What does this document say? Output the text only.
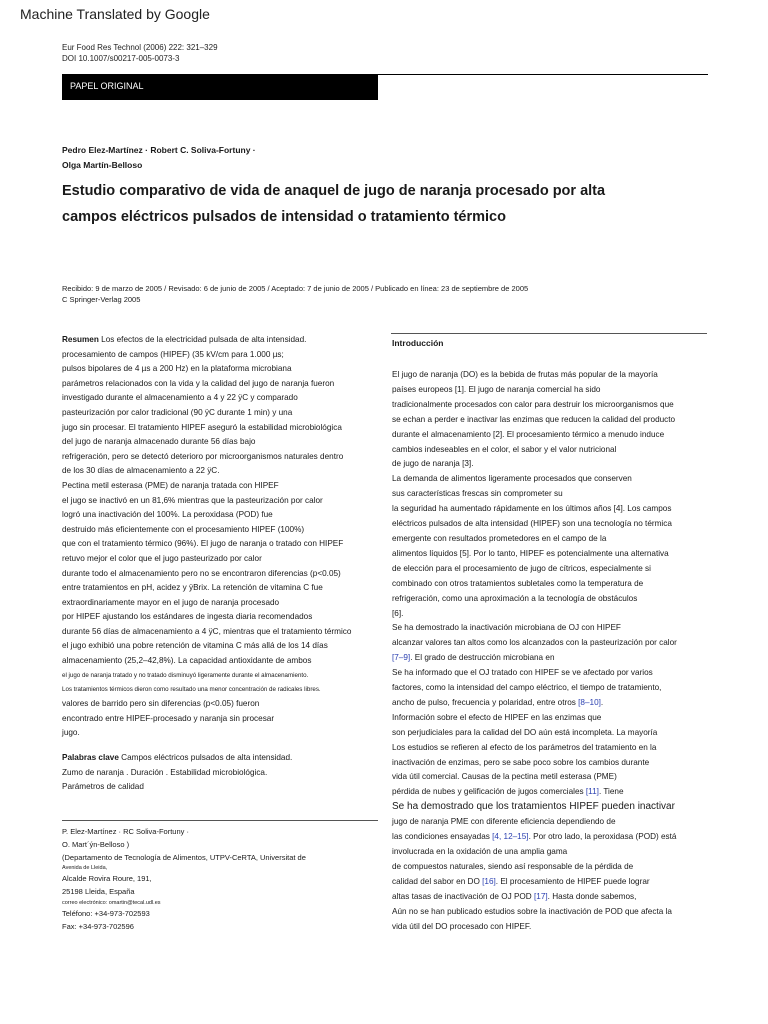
Machine Translated by Google
Eur Food Res Technol (2006) 222: 321–329
DOI 10.1007/s00217-005-0073-3
PAPEL ORIGINAL
Pedro Elez-Martínez · Robert C. Soliva-Fortuny ·
Olga Martín-Belloso
Estudio comparativo de vida de anaquel de jugo de naranja procesado por alta
campos eléctricos pulsados de intensidad o tratamiento térmico
Recibido: 9 de marzo de 2005 / Revisado: 6 de junio de 2005 / Aceptado: 7 de junio de 2005 / Publicado en línea: 23 de septiembre de 2005
C Springer-Verlag 2005
Resumen Los efectos de la electricidad pulsada de alta intensidad.
procesamiento de campos (HIPEF) (35 kV/cm para 1.000 µs;
pulsos bipolares de 4 µs a 200 Hz) en la plataforma microbiana
parámetros relacionados con la vida y la calidad del jugo de naranja fueron
investigado durante el almacenamiento a 4 y 22 ÿC y comparado
pasteurización por calor tradicional (90 ÿC durante 1 min) y una
jugo sin procesar. El tratamiento HIPEF aseguró la estabilidad microbiológica
del jugo de naranja almacenado durante 56 días bajo
refrigeración, pero se detectó deterioro por microorganismos naturales dentro
de los 30 días de almacenamiento a 22 ÿC.
Pectina metil esterasa (PME) de naranja tratada con HIPEF
el jugo se inactivó en un 81,6% mientras que la pasteurización por calor
logró una inactivación del 100%. La peroxidasa (POD) fue
destruido más eficientemente con el procesamiento HIPEF (100%)
que con el tratamiento térmico (96%). El jugo de naranja o tratado con HIPEF
retuvo mejor el color que el jugo pasteurizado por calor
durante todo el almacenamiento pero no se encontraron diferencias (p<0.05)
entre tratamientos en pH, acidez y ÿBrix. La retención de vitamina C fue
extraordinariamente mayor en el jugo de naranja procesado
por HIPEF ajustando los estándares de ingesta diaria recomendados
durante 56 días de almacenamiento a 4 ÿC, mientras que el tratamiento térmico
el jugo exhibió una pobre retención de vitamina C más allá de los 14 días
almacenamiento (25,2–42,8%). La capacidad antioxidante de ambos
el jugo de naranja tratado y no tratado disminuyó ligeramente durante el almacenamiento.
Los tratamientos térmicos dieron como resultado una menor concentración de radicales libres.
valores de barrido pero sin diferencias (p<0.05) fueron
encontrado entre HIPEF-procesado y naranja sin procesar
jugo.
Palabras clave Campos eléctricos pulsados de alta intensidad.
Zumo de naranja . Duración . Estabilidad microbiológica.
Parámetros de calidad
P. Elez-Martínez · RC Soliva-Fortuny ·
O. Mart´ýn-Belloso )
(Departamento de Tecnología de Alimentos, UTPV-CeRTA, Universitat de
Avenida de Lleida,
Alcalde Rovira Roure, 191,
25198 Lleida, España
correo electrónico: omartin@tecal.udl.es
Teléfono: +34-973-702593
Fax: +34-973-702596
Introducción
El jugo de naranja (DO) es la bebida de frutas más popular de la mayoría
países europeos [1]. El jugo de naranja comercial ha sido
tradicionalmente procesados con calor para destruir los microorganismos que
se echan a perder e inactivar las enzimas que reducen la calidad del producto
durante el almacenamiento [2]. El procesamiento térmico a menudo induce
cambios indeseables en el color, el sabor y el valor nutricional
de jugo de naranja [3].
La demanda de alimentos ligeramente procesados que conserven
sus características frescas sin comprometer su
la seguridad ha aumentado rápidamente en los últimos años [4]. Los campos
eléctricos pulsados de alta intensidad (HIPEF) son una tecnología no térmica
emergente con resultados prometedores en el campo de la
alimentos líquidos [5]. Por lo tanto, HIPEF es potencialmente una alternativa
de elección para el procesamiento de jugo de cítricos, especialmente si
combinado con otros tratamientos subletales como la temperatura de
refrigeración, como una aproximación a la tecnología de obstáculos
[6].
Se ha demostrado la inactivación microbiana de OJ con HIPEF
alcanzar valores tan altos como los alcanzados con la pasteurización por calor
[7–9]. El grado de destrucción microbiana en
Se ha informado que el OJ tratado con HIPEF se ve afectado por varios
factores, como la intensidad del campo eléctrico, el tiempo de tratamiento,
ancho de pulso, frecuencia y polaridad, entre otros [8–10].
Información sobre el efecto de HIPEF en las enzimas que
son perjudiciales para la calidad del DO aún está incompleta. La mayoría
Los estudios se refieren al efecto de los parámetros del tratamiento en la
inactivación de enzimas, pero se sabe poco sobre los cambios durante
vida útil comercial. Causas de la pectina metil esterasa (PME)
pérdida de nubes y gelificación de jugos comerciales [11]. Tiene
Se ha demostrado que los tratamientos HIPEF pueden inactivar
jugo de naranja PME con diferente eficiencia dependiendo de
las condiciones ensayadas [4, 12–15]. Por otro lado, la peroxidasa (POD) está
involucrada en la oxidación de una amplia gama
de compuestos naturales, siendo así responsable de la pérdida de
calidad del sabor en DO [16]. El procesamiento de HIPEF puede lograr
altas tasas de inactivación de OJ POD [17]. Hasta donde sabemos,
Aún no se han publicado estudios sobre la inactivación de POD que afecta la
vida útil del DO procesado con HIPEF.
